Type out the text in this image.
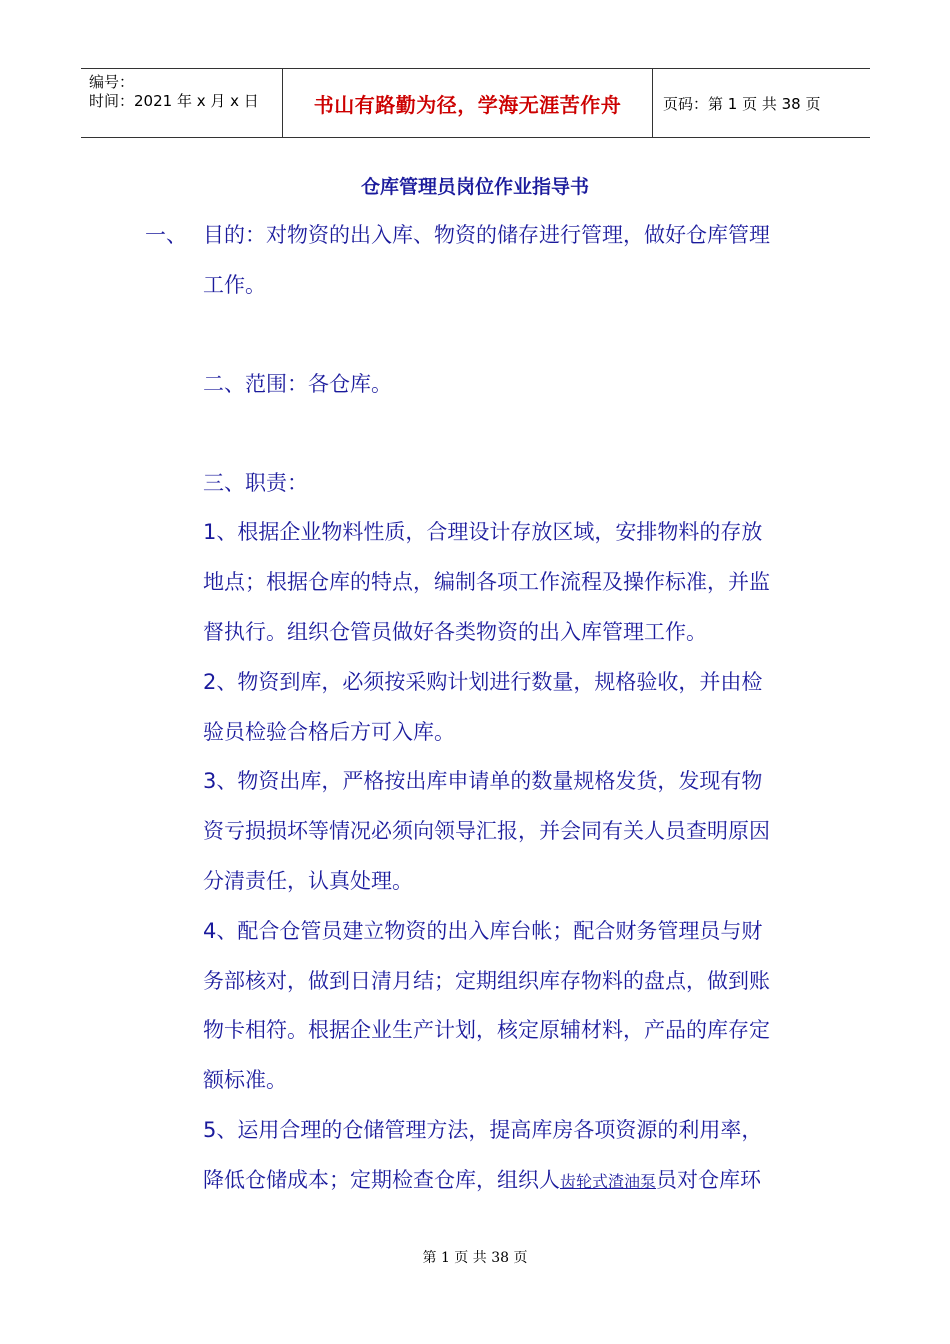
编号：
时间：2021 年 x 月 x 日	书山有路勤为径，学海无涯苦作舟	页码：第 1 页 共 38 页
仓库管理员岗位作业指导书
一、 目的：对物资的出入库、物资的储存进行管理，做好仓库管理
工作。
二、范围：各仓库。
三、职责：
1、根据企业物料性质，合理设计存放区域，安排物料的存放
地点；根据仓库的特点，编制各项工作流程及操作标准，并监
督执行。组织仓管员做好各类物资的出入库管理工作。
2、物资到库，必须按采购计划进行数量，规格验收，并由检
验员检验合格后方可入库。
3、物资出库，严格按出库申请单的数量规格发货，发现有物
资亏损损坏等情况必须向领导汇报，并会同有关人员查明原因
分清责任，认真处理。
4、配合仓管员建立物资的出入库台帐；配合财务管理员与财
务部核对，做到日清月结；定期组织库存物料的盘点，做到账
物卡相符。根据企业生产计划，核定原辅材料，产品的库存定
额标准。
5、运用合理的仓储管理方法，提高库房各项资源的利用率，
降低仓储成本；定期检查仓库，组织人齿轮式渣油泵员对仓库环
第 1 页 共 38 页
